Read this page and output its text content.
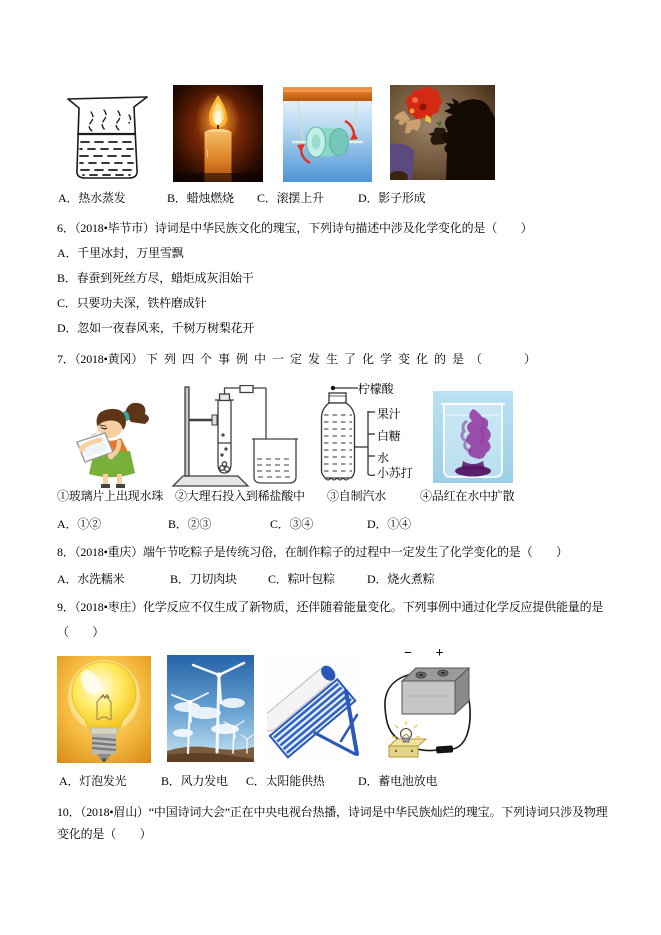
A．热水蒸发	B．蜡烛燃烧 C．滚摆上升	D．影子形成
6．（2018•毕节市）诗词是中华民族文化的瑰宝，下列诗句描述中涉及化学变化的是（　　）
A．千里冰封，万里雪飘
B．春蚕到死丝方尽，蜡炬成灰泪始干
C．只要功夫深，铁杵磨成针
D．忽如一夜春风来，千树万树梨花开
7．（2018•黄冈） 下列四个事例中一定发生了化学变化的是（　　）
柠檬酸
果汁
白糖
水
小苏打
①玻璃片上出现水珠 ②大理石投入到稀盐酸中 ③自制汽水	④品红在水中扩散
A．①②	B．②③	C．③④	D．①④
8．（2018•重庆）端午节吃粽子是传统习俗，在制作粽子的过程中一定发生了化学变化的是（　　）
A．水洗糯米	B．刀切肉块	C．粽叶包粽	D．烧火煮粽
9．（2018•枣庄）化学反应不仅生成了新物质，还伴随着能量变化。下列事例中通过化学反应提供能量的是
（　　）
− +
A．灯泡发光	B．风力发电 C．太阳能供热	D．蓄电池放电
10．（2018•眉山）“中国诗词大会”正在中央电视台热播，诗词是中华民族灿烂的瑰宝。下列诗词只涉及物理
变化的是（　　）
